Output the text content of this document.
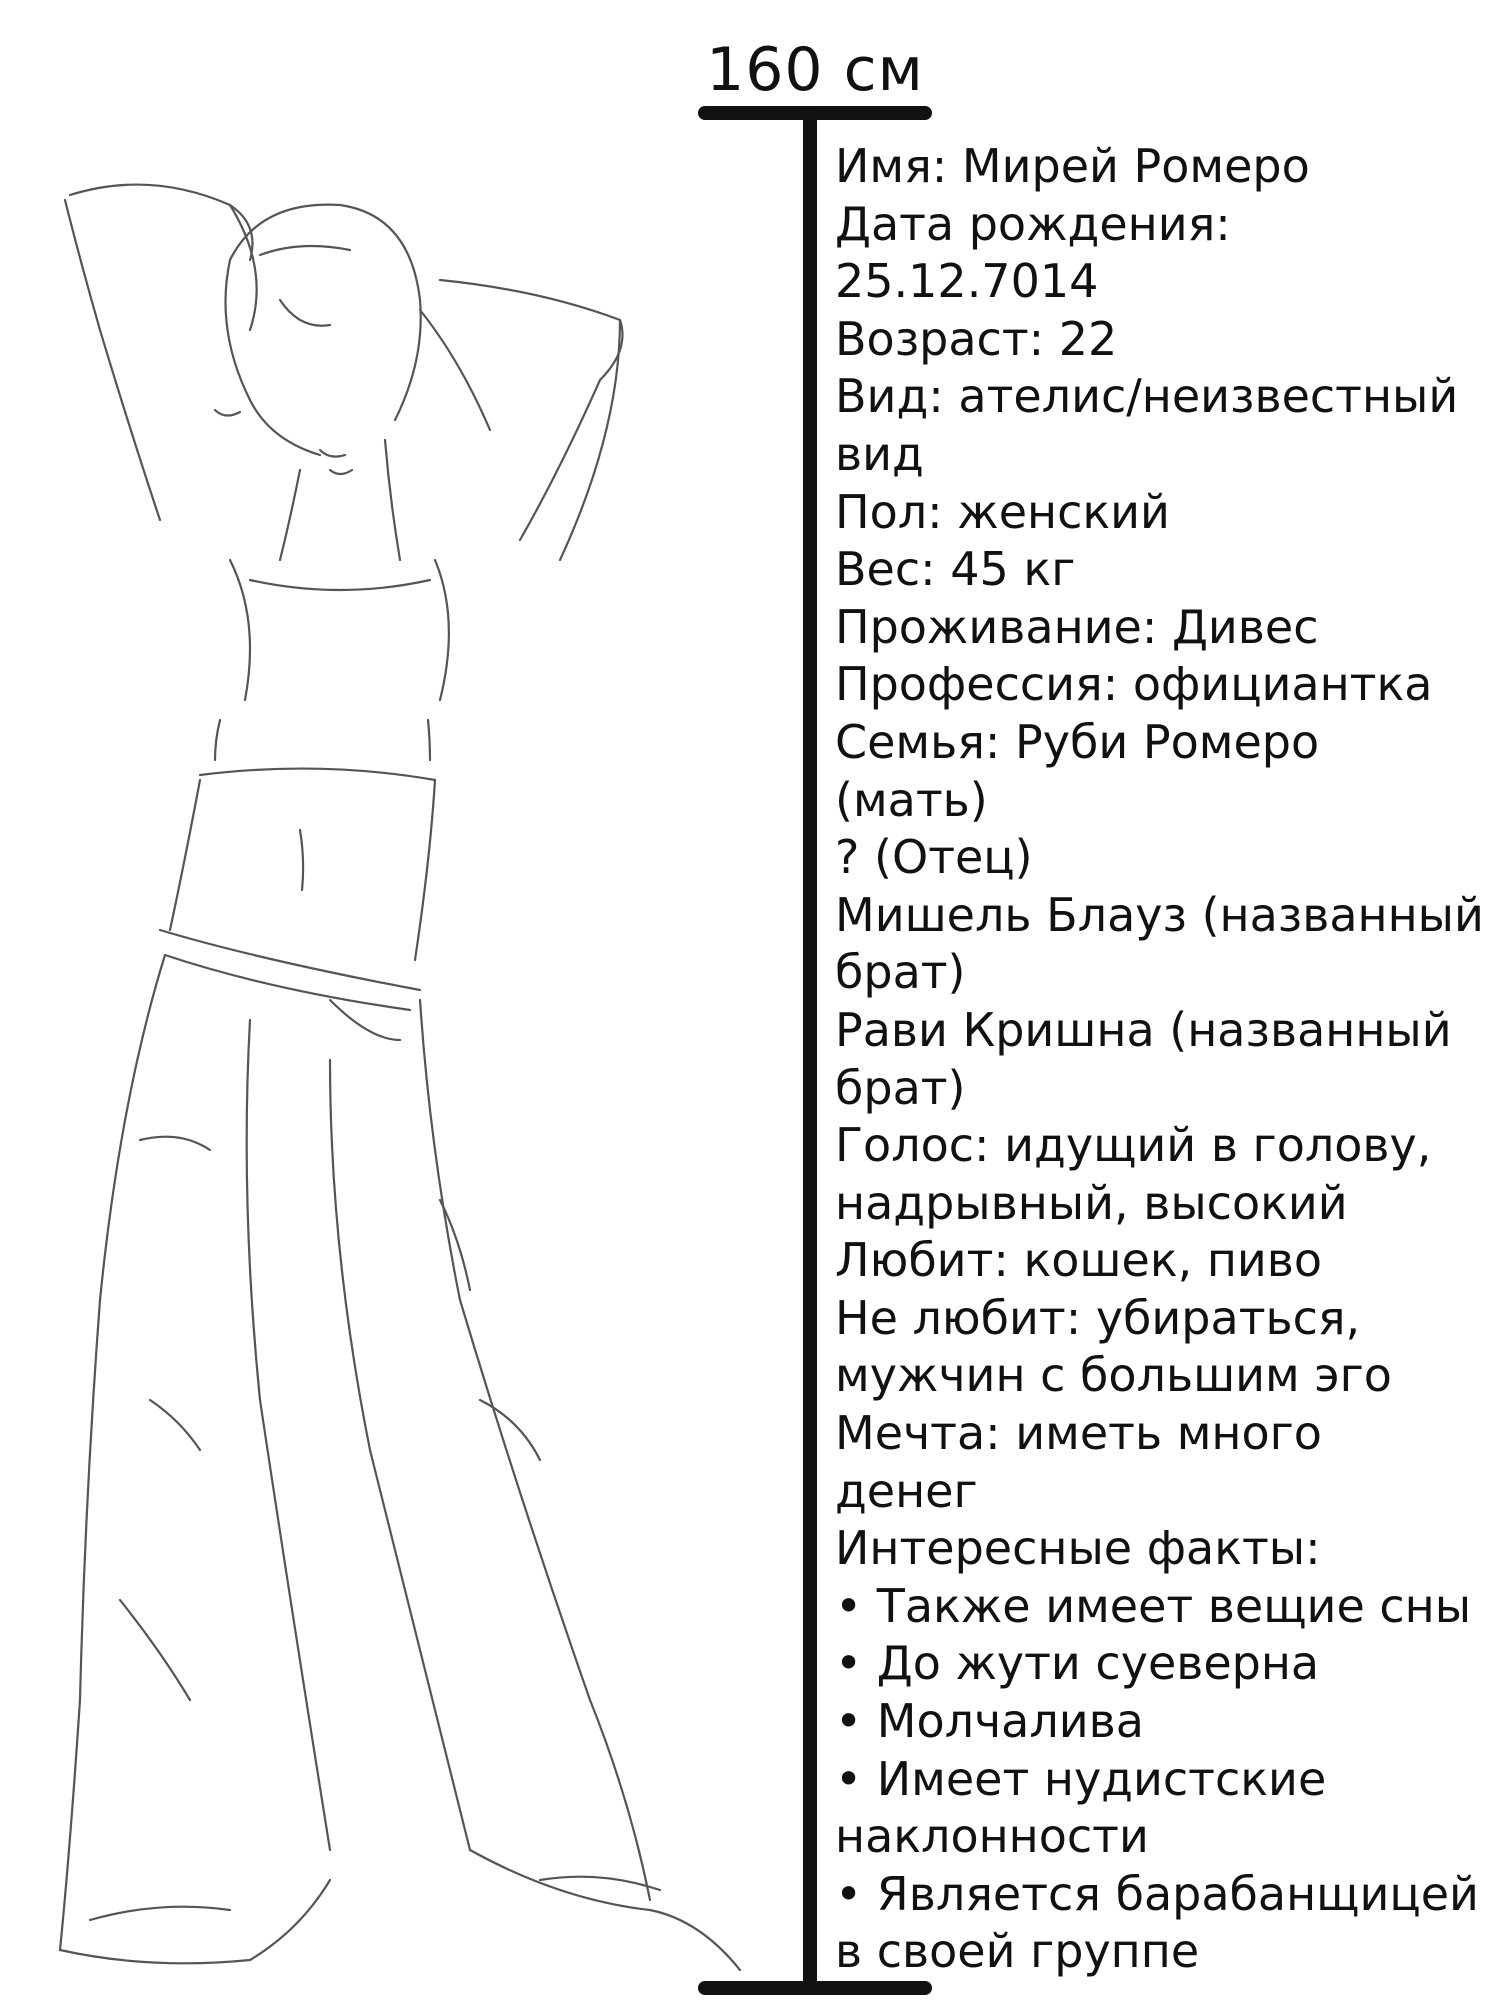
160 см
Имя: Мирей Ромеро
Дата рождения:
25.12.7014
Возраст: 22
Вид: ателис/неизвестный
вид
Пол: женский
Вес: 45 кг
Проживание: Дивес
Профессия: официантка
Семья: Руби Ромеро
(мать)
? (Отец)
Мишель Блауз (названный
брат)
Рави Кришна (названный
брат)
Голос: идущий в голову,
надрывный, высокий
Любит: кошек, пиво
Не любит: убираться,
мужчин с большим эго
Мечта: иметь много
денег
Интересные факты:
• Также имеет вещие сны
• До жути суеверна
• Молчалива
• Имеет нудистские
наклонности
• Является барабанщицей
в своей группе
